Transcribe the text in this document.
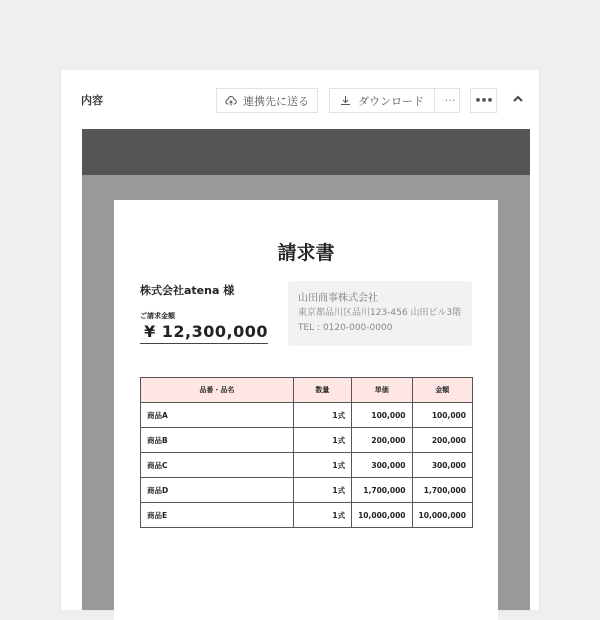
内容	連携先に送る	ダウンロード	···	•••
請求書
株式会社atena 様
ご請求金額
¥ 12,300,000
山田商事株式会社
東京都品川区品川123-456 山田ビル3階
TEL : 0120-000-0000
品番・品名	数量	単価	金額
商品A	1式	100,000	100,000
商品B	1式	200,000	200,000
商品C	1式	300,000	300,000
商品D	1式	1,700,000	1,700,000
商品E	1式	10,000,000	10,000,000
